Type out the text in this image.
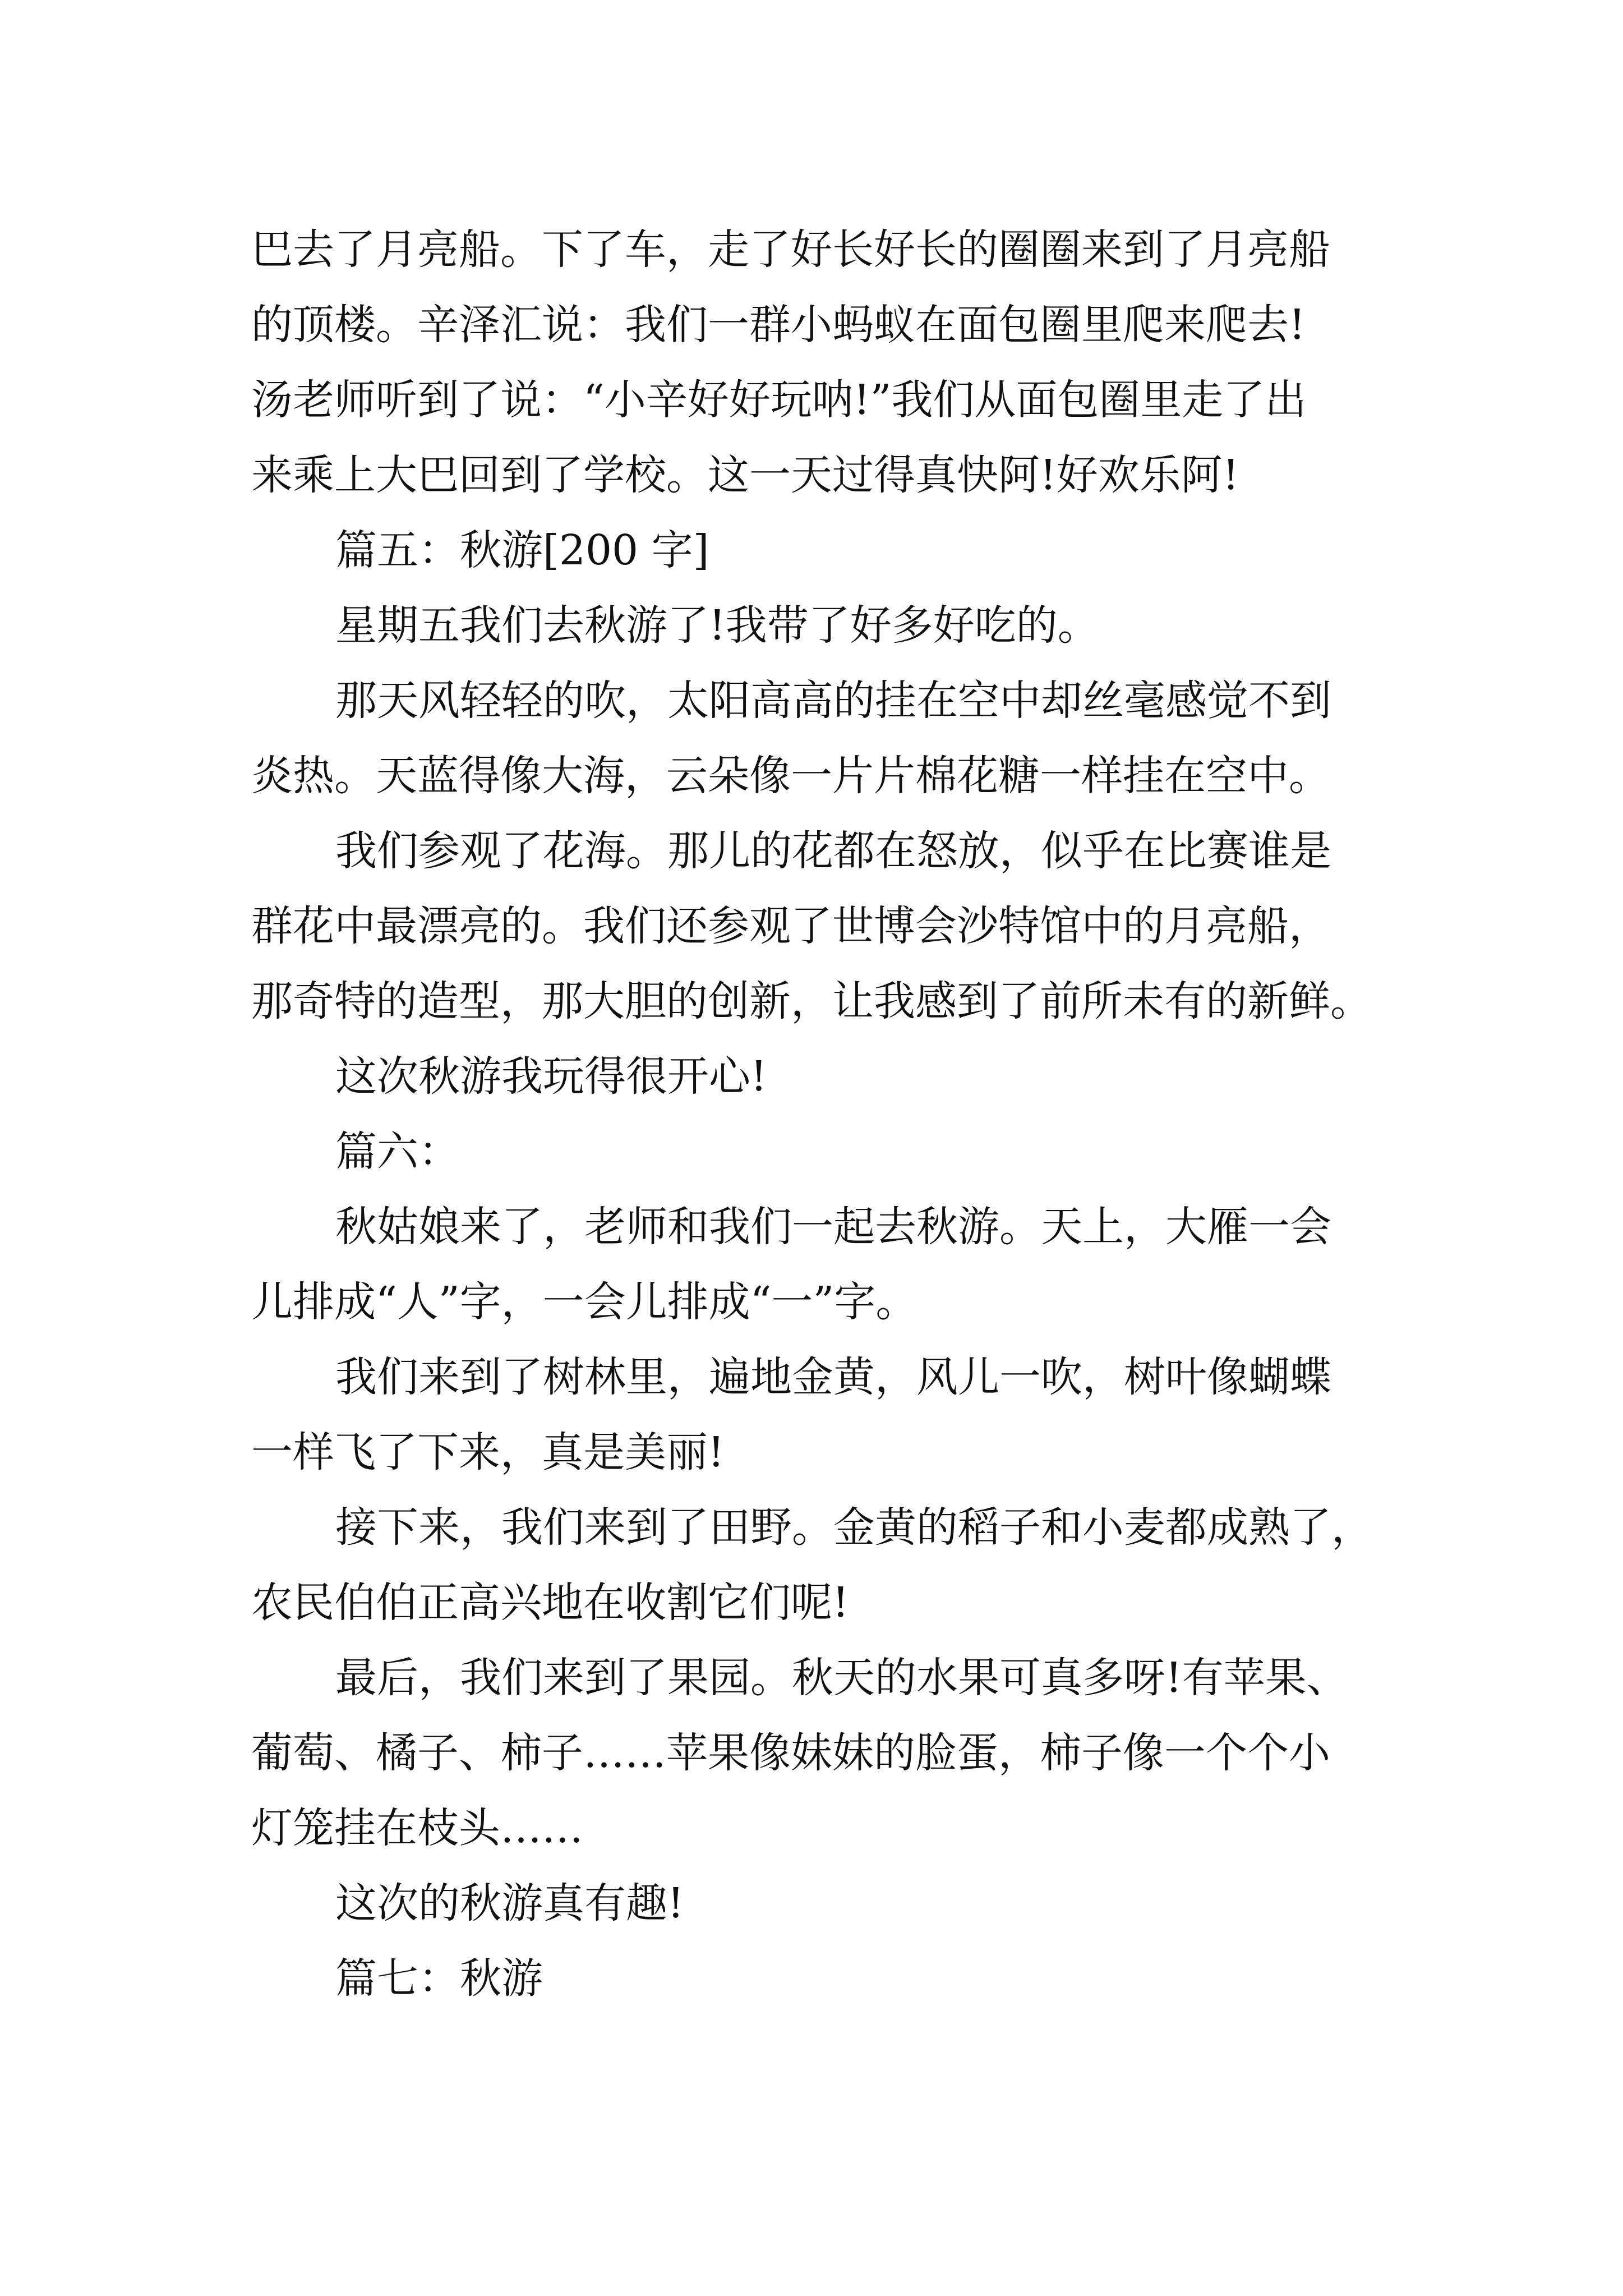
巴去了月亮船。下了车，走了好长好长的圈圈来到了月亮船
的顶楼。辛泽汇说：我们一群小蚂蚁在面包圈里爬来爬去!
汤老师听到了说：“小辛好好玩呐!”我们从面包圈里走了出
来乘上大巴回到了学校。这一天过得真快阿!好欢乐阿!
篇五：秋游[200 字]
星期五我们去秋游了!我带了好多好吃的。
那天风轻轻的吹，太阳高高的挂在空中却丝毫感觉不到
炎热。天蓝得像大海，云朵像一片片棉花糖一样挂在空中。
我们参观了花海。那儿的花都在怒放，似乎在比赛谁是
群花中最漂亮的。我们还参观了世博会沙特馆中的月亮船，
那奇特的造型，那大胆的创新，让我感到了前所未有的新鲜。
这次秋游我玩得很开心!
篇六：
秋姑娘来了，老师和我们一起去秋游。天上，大雁一会
儿排成“人”字，一会儿排成“一”字。
我们来到了树林里，遍地金黄，风儿一吹，树叶像蝴蝶
一样飞了下来，真是美丽!
接下来，我们来到了田野。金黄的稻子和小麦都成熟了，
农民伯伯正高兴地在收割它们呢!
最后，我们来到了果园。秋天的水果可真多呀!有苹果、
葡萄、橘子、柿子……苹果像妹妹的脸蛋，柿子像一个个小
灯笼挂在枝头……
这次的秋游真有趣!
篇七：秋游
